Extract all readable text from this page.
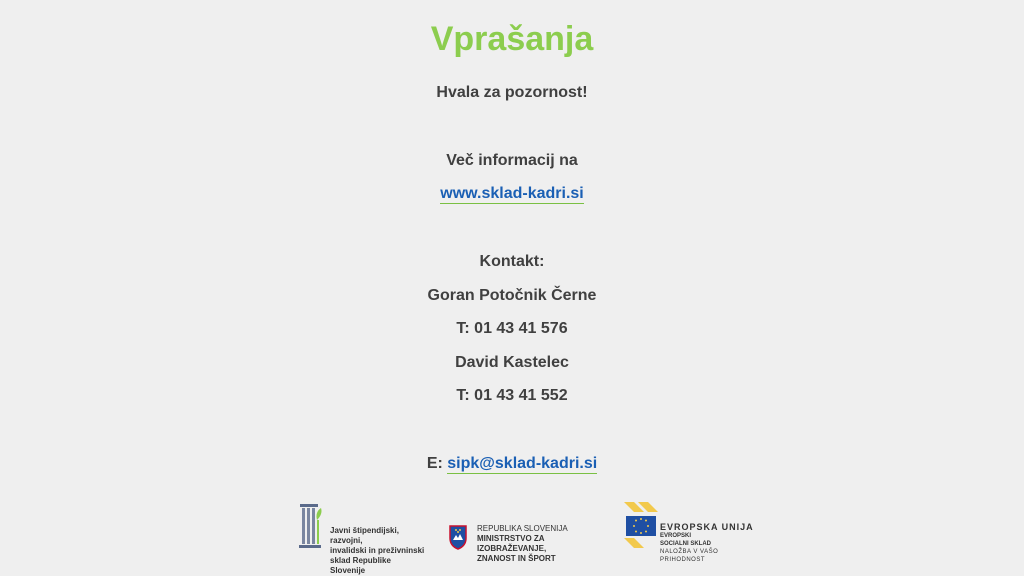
Vprašanja
Hvala za pozornost!
Več informacij na
www.sklad-kadri.si
Kontakt:
Goran Potočnik Černe
T: 01 43 41 576
David Kastelec
T: 01 43 41 552
E: sipk@sklad-kadri.si
Javni štipendijski, razvojni,
invalidski in preživninski
sklad Republike Slovenije
REPUBLIKA SLOVENIJA
MINISTRSTVO ZA IZOBRAŽEVANJE,
ZNANOST IN ŠPORT
EVROPSKA UNIJA
EVROPSKI
SOCIALNI SKLAD
NALOŽBA V VAŠO PRIHODNOST
